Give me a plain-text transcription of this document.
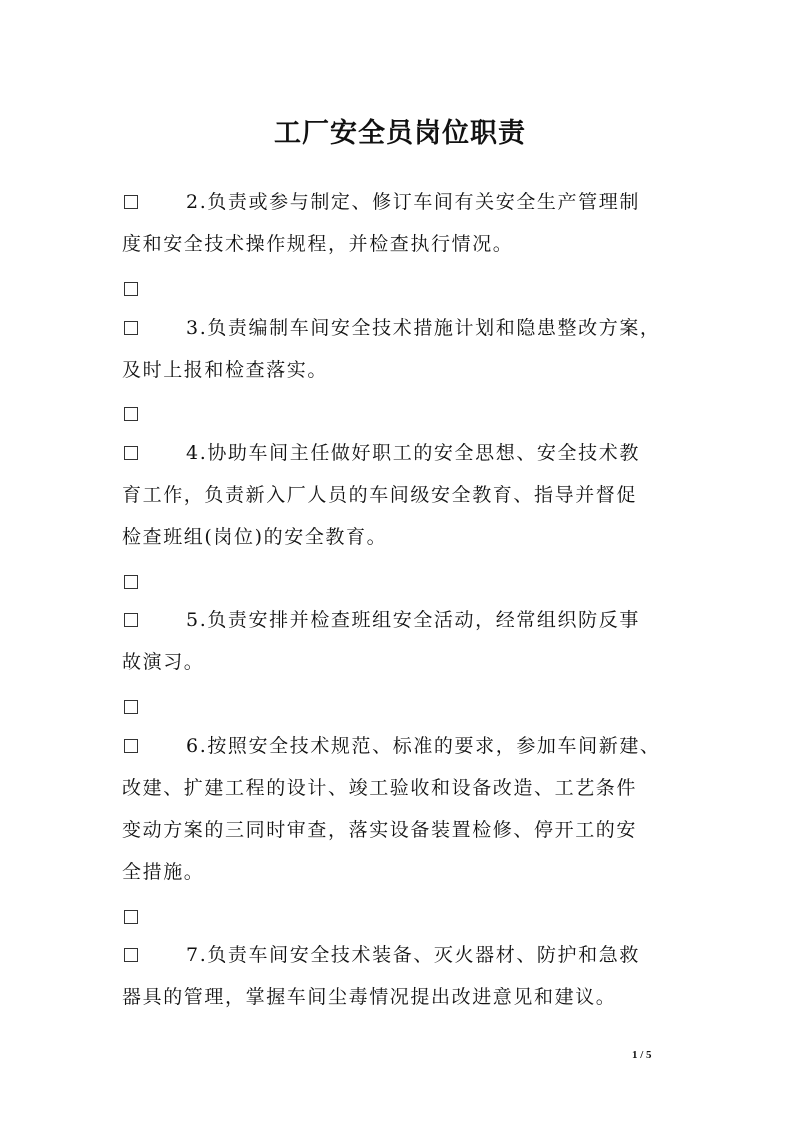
工厂安全员岗位职责
2.负责或参与制定、修订车间有关安全生产管理制
度和安全技术操作规程，并检查执行情况。
3.负责编制车间安全技术措施计划和隐患整改方案，
及时上报和检查落实。
4.协助车间主任做好职工的安全思想、安全技术教
育工作，负责新入厂人员的车间级安全教育、指导并督促
检查班组(岗位)的安全教育。
5.负责安排并检查班组安全活动，经常组织防反事
故演习。
6.按照安全技术规范、标准的要求，参加车间新建、
改建、扩建工程的设计、竣工验收和设备改造、工艺条件
变动方案的三同时审查，落实设备装置检修、停开工的安
全措施。
7.负责车间安全技术装备、灭火器材、防护和急救
器具的管理，掌握车间尘毒情况提出改进意见和建议。
1 / 5
